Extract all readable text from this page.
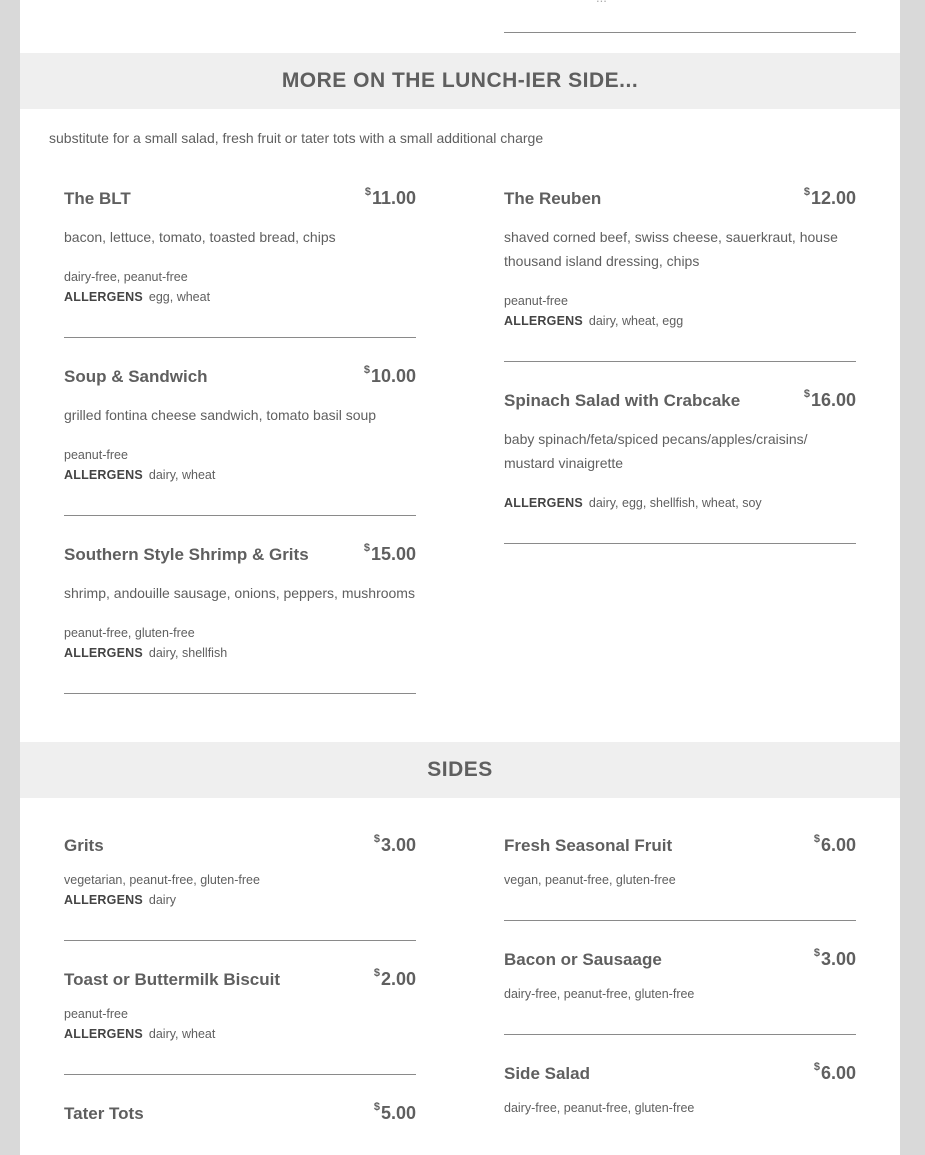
MORE ON THE LUNCH-IER SIDE...
substitute for a small salad, fresh fruit or tater tots with a small additional charge
The BLT	$11.00
bacon, lettuce, tomato, toasted bread, chips
dairy-free, peanut-free
ALLERGENS egg, wheat
Soup & Sandwich	$10.00
grilled fontina cheese sandwich, tomato basil soup
peanut-free
ALLERGENS dairy, wheat
Southern Style Shrimp & Grits	$15.00
shrimp, andouille sausage, onions, peppers, mushrooms
peanut-free, gluten-free
ALLERGENS dairy, shellfish
The Reuben	$12.00
shaved corned beef, swiss cheese, sauerkraut, house thousand island dressing, chips
peanut-free
ALLERGENS dairy, wheat, egg
Spinach Salad with Crabcake	$16.00
baby spinach/feta/spiced pecans/apples/craisins/ mustard vinaigrette
ALLERGENS dairy, egg, shellfish, wheat, soy
SIDES
Grits	$3.00
vegetarian, peanut-free, gluten-free
ALLERGENS dairy
Toast or Buttermilk Biscuit	$2.00
peanut-free
ALLERGENS dairy, wheat
Tater Tots	$5.00
Fresh Seasonal Fruit	$6.00
vegan, peanut-free, gluten-free
Bacon or Sausaage	$3.00
dairy-free, peanut-free, gluten-free
Side Salad	$6.00
dairy-free, peanut-free, gluten-free
